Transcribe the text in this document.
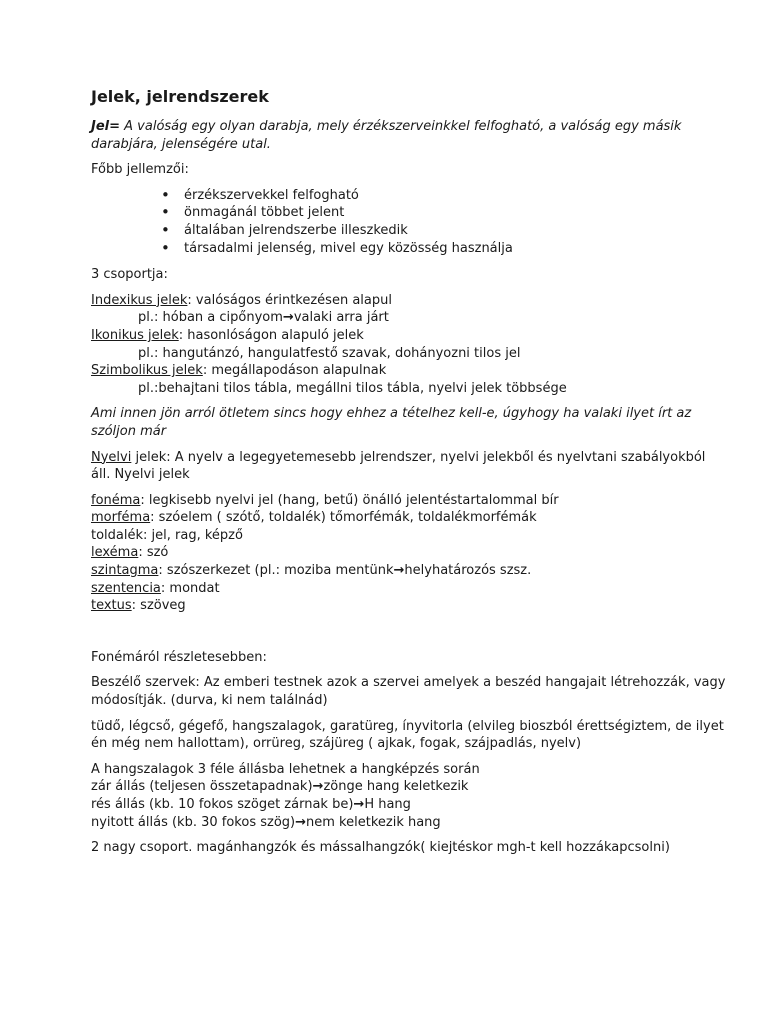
Jelek, jelrendszerek

Jel= A valóság egy olyan darabja, mely érzékszerveinkkel felfogható, a valóság egy másik darabjára, jelenségére utal.

Főbb jellemzői:

• érzékszervekkel felfogható
• önmagánál többet jelent
• általában jelrendszerbe illeszkedik
• társadalmi jelenség, mivel egy közösség használja

3 csoportja:

Indexikus jelek: valóságos érintkezésen alapul
pl.: hóban a cipőnyom→valaki arra járt
Ikonikus jelek: hasonlóságon alapuló jelek
pl.: hangutánzó, hangulatfestő szavak, dohányozni tilos jel
Szimbolikus jelek: megállapodáson alapulnak
pl.:behajtani tilos tábla, megállni tilos tábla, nyelvi jelek többsége

Ami innen jön arról ötletem sincs hogy ehhez a tételhez kell-e, úgyhogy ha valaki ilyet írt az szóljon már

Nyelvi jelek: A nyelv a legegyetemesebb jelrendszer, nyelvi jelekből és nyelvtani szabályokból áll. Nyelvi jelek

fonéma: legkisebb nyelvi jel (hang, betű) önálló jelentéstartalommal bír
morféma: szóelem ( szótő, toldalék) tőmorfémák, toldalékmorfémák
toldalék: jel, rag, képző
lexéma: szó
szintagma: szószerkezet (pl.: moziba mentünk→helyhatározós szsz.
szentencia: mondat
textus: szöveg

Fonémáról részletesebben:

Beszélő szervek: Az emberi testnek azok a szervei amelyek a beszéd hangajait létrehozzák, vagy módosítják. (durva, ki nem találnád)

tüdő, légcső, gégefő, hangszalagok, garatüreg, ínyvitorla (elvileg bioszból érettségiztem, de ilyet én még nem hallottam), orrüreg, szájüreg ( ajkak, fogak, szájpadlás, nyelv)

A hangszalagok 3 féle állásba lehetnek a hangképzés során
zár állás (teljesen összetapadnak)→zönge hang keletkezik
rés állás (kb. 10 fokos szöget zárnak be)→H hang
nyitott állás (kb. 30 fokos szög)→nem keletkezik hang

2 nagy csoport. magánhangzók és mássalhangzók( kiejtéskor mgh-t kell hozzákapcsolni)
